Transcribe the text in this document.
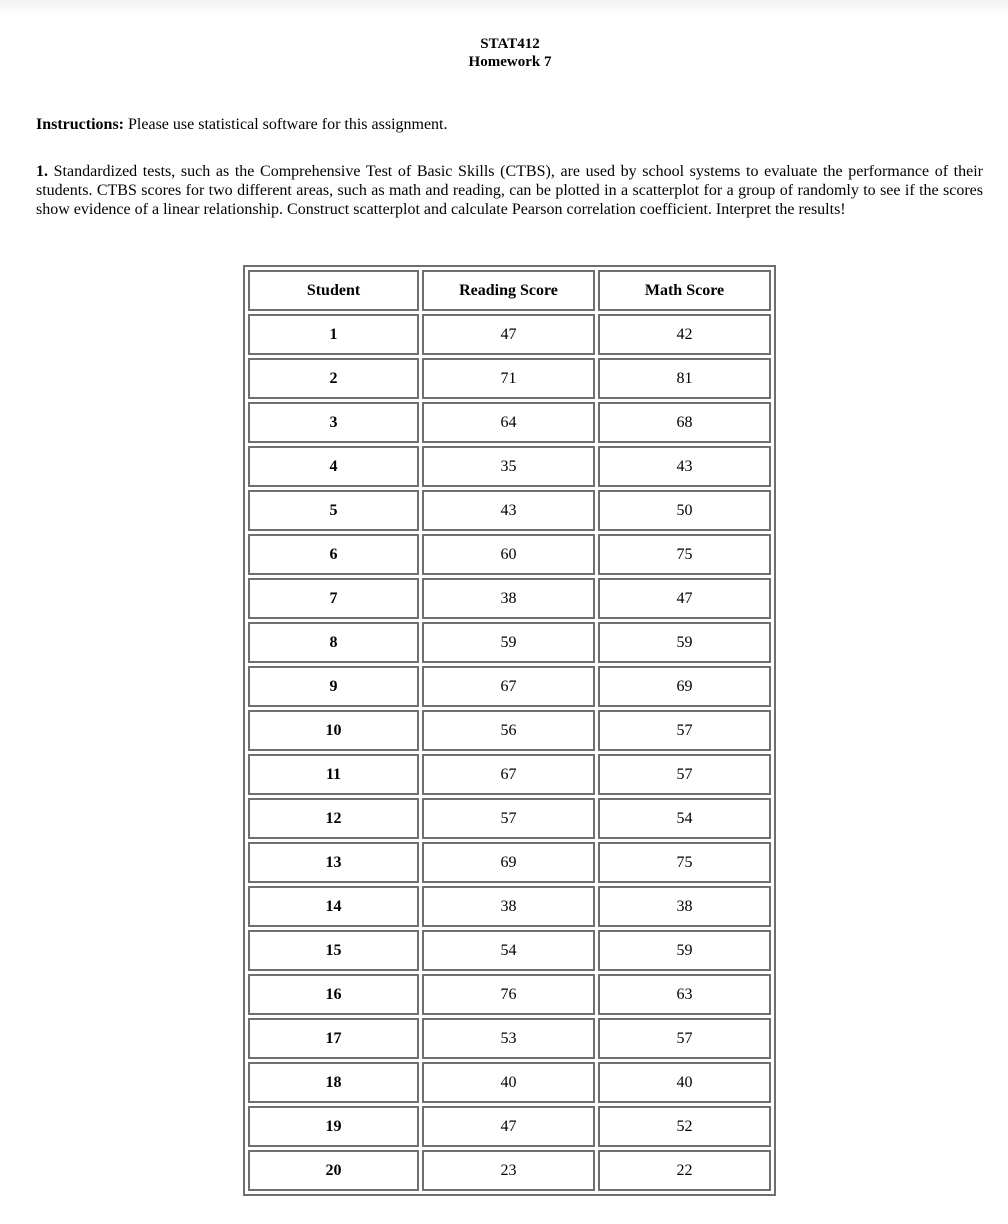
STAT412
Homework 7
Instructions: Please use statistical software for this assignment.

1. Standardized tests, such as the Comprehensive Test of Basic Skills (CTBS), are used by school systems to evaluate the performance of their students. CTBS scores for two different areas, such as math and reading, can be plotted in a scatterplot for a group of randomly to see if the scores show evidence of a linear relationship. Construct scatterplot and calculate Pearson correlation coefficient. Interpret the results!

Student	Reading Score	Math Score
1	47	42
2	71	81
3	64	68
4	35	43
5	43	50
6	60	75
7	38	47
8	59	59
9	67	69
10	56	57
11	67	57
12	57	54
13	69	75
14	38	38
15	54	59
16	76	63
17	53	57
18	40	40
19	47	52
20	23	22
